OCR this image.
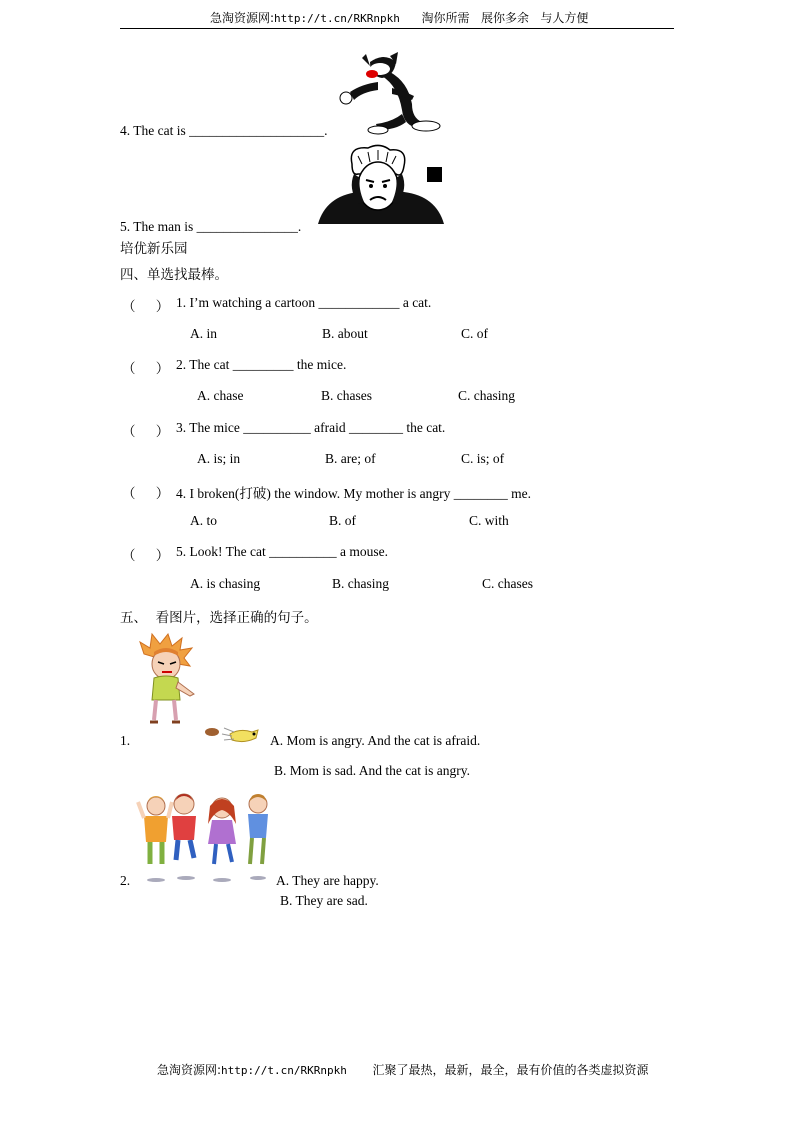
急淘资源网:http://t.cn/RKRnpkh 淘你所需   展你多余   与人方便
4. The cat is ____________________.
5. The man is _______________.
培优新乐园
四、单选找最棒。
（      ） 1. I’m watching a cartoon ____________ a cat.
A. in	B. about	C. of
（      ） 2. The cat _________ the mice.
A. chase	B. chases	C. chasing
（      ） 3. The mice __________ afraid ________ the cat.
A. is; in	B. are; of	C. is; of
（      ） 4. I broken(打破) the window. My mother is angry ________ me.
A. to	B. of	C. with
（      ） 5. Look! The cat __________ a mouse.
A. is chasing	B. chasing	C. chases
五、  看图片，选择正确的句子。
1.	A. Mom is angry. And the cat is afraid.
B. Mom is sad. And the cat is angry.
2.	A. They are happy.
B. They are sad.
急淘资源网:http://t.cn/RKRnpkh 汇聚了最热，最新，最全，最有价值的各类虚拟资源
